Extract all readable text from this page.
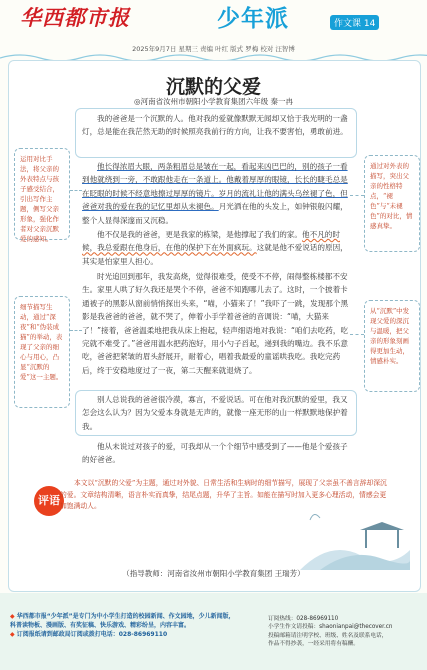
华西都市报	少年派	作文课 14
2025年9月7日 星期三 责编 叶红 版式 罗梅 校对 汪智博
沉默的父爱
◎河南省汝州市朝阳小学教育集团六年级 秦一冉

我的爸爸是一个沉默的人。他对我的爱就像默默无闻却又恰于我光明的一盏灯，总是能在我茫然无助的时候照亮我前行的方向，让我不要害怕，勇敢前进。

他长得浓眉大眼，两条粗眉总是皱在一起，看起来凶巴巴的，别的孩子一看到他就绕到一旁，不敢跟他走在一条道上。他戴着厚厚的眼镜，长长的睫毛总是在眨眼的时候不经意地擦过厚厚的镜片。岁月的流礼让他的满头乌丝褪了色，但爸爸对我的爱在我的记忆里却从未褪色。月光洒在他的头发上，如钟银般闪耀，整个人显得深邃而又沉稳。

他不仅是我的爸爸，更是我家的栋梁，是他撑起了我们的家。他不凡的时候，我总爱跟在他身后，在他的保护下在外面疯玩。这就是他不爱说话的原因，其实是怕家里人担心。

时光追回到那年，我发高烧，觉得很难受，使受不不停，闹得整栋楼都不安生。家里人哄了好久我还是哭个不停，爸爸不知跑哪儿去了。这时，一个披着卡通被子的黑影从窗前悄悄探出头来，“喵，小猫来了！”我吓了一跳，发现那个黑影是我爸爸的爸爸，就不哭了，伸着小手学着爸爸的音调说：“喵，大猫来了！”接着，爸爸温柔地把我从床上抱起，轻声细语地对我说：“咱们去吃药，吃完就不难受了。”爸爸用温水把药泡好，用小勺子舀起，递到我的嘴边。我不乐意吃，爸爸把紧皱的眉头舒展开，耐着心，唱着我最爱的童谣哄我吃。我吃完药后，终于安稳地度过了一夜，第二天醒来就退烧了。

别人总说我的爸爸很冷漠，寡言，不爱说话。可在他对我沉默的爱里，我又怎会这么认为？因为父爱本身就是无声的，就像一座无形的山一样默默地保护着我。

他从未说过对孩子的爱，可我却从一个个细节中感受到了——他是个爱孩子的好爸爸。

运用对比手法，将父亲的外表特点与孩子感受结合，引出写作主题，侧写父亲形象，强化作者对父亲沉默爱的感知。
细节描写生动，通过“深夜”和“伪装成猫”的举动，表现了父亲的细心与用心，凸显“沉默的爱”这一主题。
通过对外表的描写，突出父亲的性格特点，“褪色”与“未褪色”的对比，情感真挚。
从“沉默”中发现父爱的深沉与温暖，把父亲的形象刻画得更加生动，情感朴实。
评语
本文以“沉默的父爱”为主题，通过对外貌、日常生活和生病时的细节描写，展现了父亲虽不善言辞却深沉的爱。文章结构清晰，语言朴实而真挚，结尾点题，升华了主旨。如能在描写时加入更多心理活动，情感会更加饱满动人。
（指导教师：河南省汝州市朝阳小学教育集团 王瑞芳）
◆ 华西都市报“少年派”是专门为中小学生打造的校园新闻、作文园地，少儿新闻版，
科普读物板、漫画版、有奖征稿、快乐游戏、精彩纷呈，内容丰富。
◆ 订阅报纸请到邮政局订阅或拨打电话：028-86969110
订阅热线：028-86969110
小学生作文请投稿：shaonianpai@thecover.cn
投稿邮箱请注明学校、班级、姓名及联系电话，
作品不得抄袭，一经采用将有稿酬。
